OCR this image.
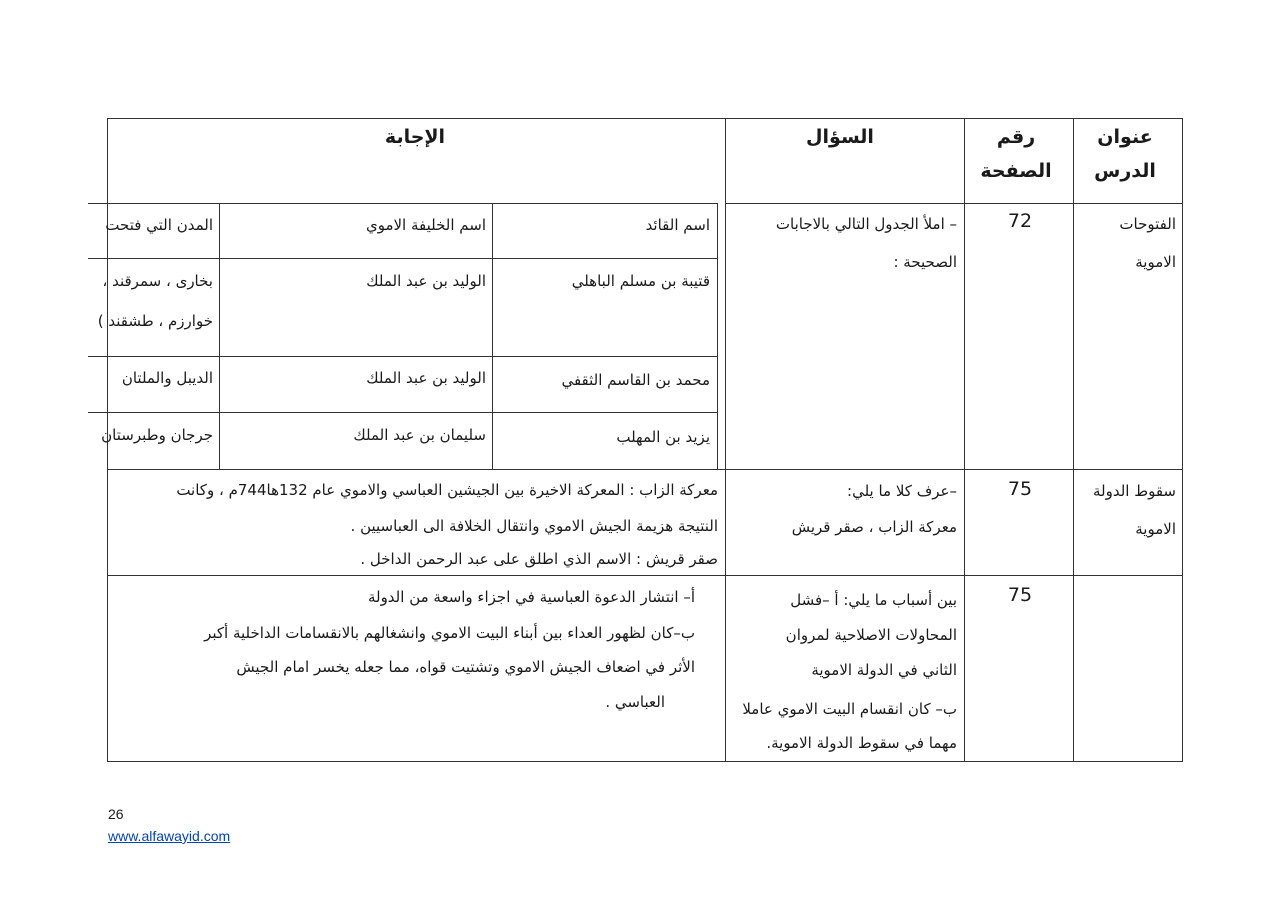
عنوان الدرس
رقم الصفحة
السؤال
الإجابة
الفتوحات الاموية
72
– املأ الجدول التالي بالاجابات
الصحيحة :
اسم القائد
اسم الخليفة الاموي
المدن التي فتحت
قتيبة بن مسلم الباهلي
الوليد بن عبد الملك
بخارى ، سمرقند ،
خوارزم ، طشقند )
محمد بن القاسم الثقفي
الوليد بن عبد الملك
الديبل والملتان
يزيد بن المهلب
سليمان بن عبد الملك
جرجان وطبرستان
سقوط الدولة الاموية
75
–عرف كلا ما يلي:
معركة الزاب ، صقر قريش
معركة الزاب : المعركة الاخيرة بين الجيشين العباسي والاموي عام 132ها744م ، وكانت
النتيجة هزيمة الجيش الاموي وانتقال الخلافة الى العباسيين .
صقر قريش : الاسم الذي اطلق على عبد الرحمن الداخل .
75
بين أسباب ما يلي: أ –فشل
المحاولات الاصلاحية لمروان
الثاني في الدولة الاموية
ب– كان انقسام البيت الاموي عاملا
مهما في سقوط الدولة الاموية.
أ– انتشار الدعوة العباسية في اجزاء واسعة من الدولة
ب–كان لظهور العداء بين أبناء البيت الاموي وانشغالهم بالانقسامات الداخلية أكبر
الأثر في اضعاف الجيش الاموي وتشتيت قواه، مما جعله يخسر امام الجيش
العباسي .
26
www.alfawayid.com
